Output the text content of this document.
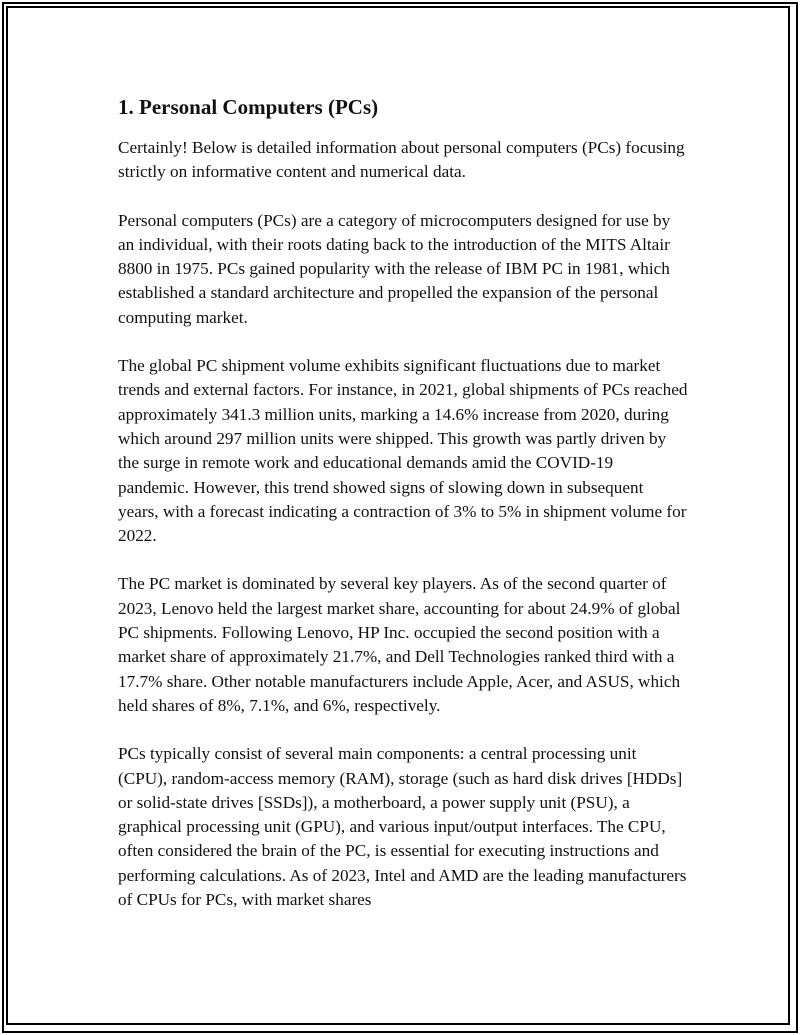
1. Personal Computers (PCs)

Certainly! Below is detailed information about personal computers (PCs) focusing strictly on informative content and numerical data.

Personal computers (PCs) are a category of microcomputers designed for use by an individual, with their roots dating back to the introduction of the MITS Altair 8800 in 1975. PCs gained popularity with the release of IBM PC in 1981, which established a standard architecture and propelled the expansion of the personal computing market.

The global PC shipment volume exhibits significant fluctuations due to market trends and external factors. For instance, in 2021, global shipments of PCs reached approximately 341.3 million units, marking a 14.6% increase from 2020, during which around 297 million units were shipped. This growth was partly driven by the surge in remote work and educational demands amid the COVID-19 pandemic. However, this trend showed signs of slowing down in subsequent years, with a forecast indicating a contraction of 3% to 5% in shipment volume for 2022.

The PC market is dominated by several key players. As of the second quarter of 2023, Lenovo held the largest market share, accounting for about 24.9% of global PC shipments. Following Lenovo, HP Inc. occupied the second position with a market share of approximately 21.7%, and Dell Technologies ranked third with a 17.7% share. Other notable manufacturers include Apple, Acer, and ASUS, which held shares of 8%, 7.1%, and 6%, respectively.

PCs typically consist of several main components: a central processing unit (CPU), random-access memory (RAM), storage (such as hard disk drives [HDDs] or solid-state drives [SSDs]), a motherboard, a power supply unit (PSU), a graphical processing unit (GPU), and various input/output interfaces. The CPU, often considered the brain of the PC, is essential for executing instructions and performing calculations. As of 2023, Intel and AMD are the leading manufacturers of CPUs for PCs, with market shares
